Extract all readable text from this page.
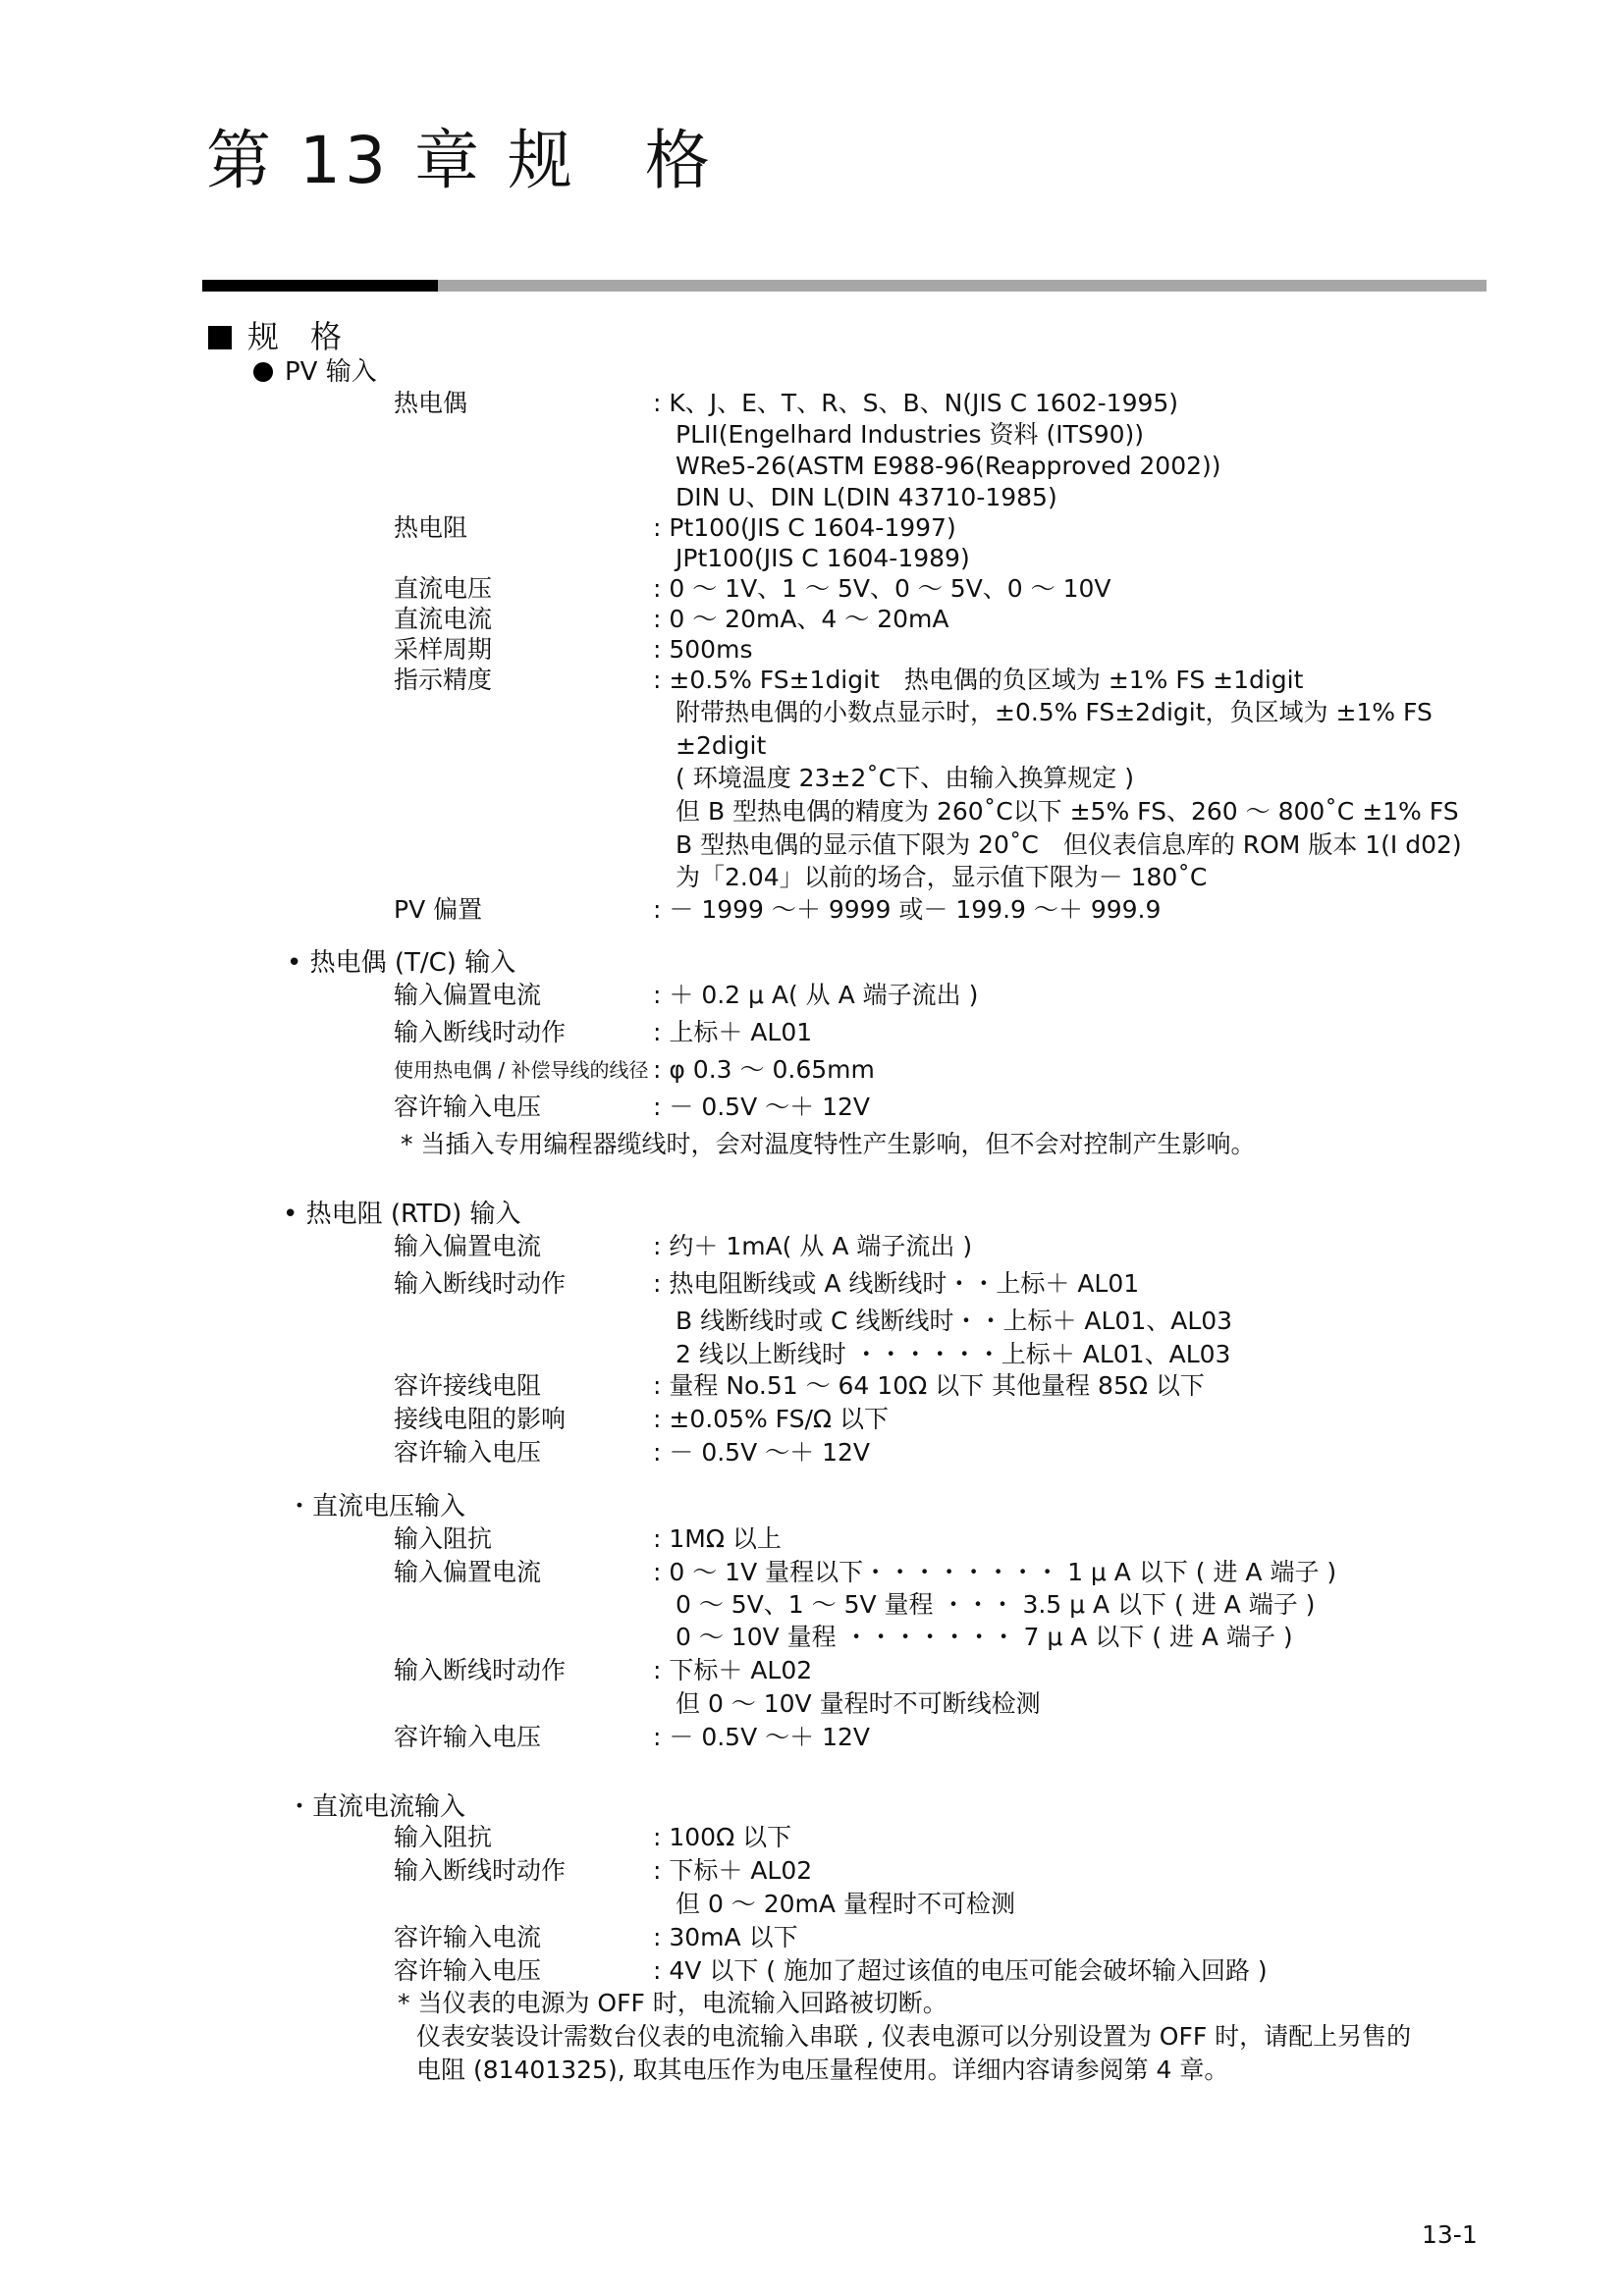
第 13 章 规　格
规　格
PV 输入
热电偶	: K、J、E、T、R、S、B、N(JIS C 1602-1995)
PLII(Engelhard Industries 资料 (ITS90))
WRe5-26(ASTM E988-96(Reapproved 2002))
DIN U、DIN L(DIN 43710-1985)
热电阻	: Pt100(JIS C 1604-1997)
JPt100(JIS C 1604-1989)
直流电压	: 0 ～ 1V、1 ～ 5V、0 ～ 5V、0 ～ 10V
直流电流	: 0 ～ 20mA、4 ～ 20mA
采样周期	: 500ms
指示精度	: ±0.5% FS±1digit　热电偶的负区域为 ±1% FS ±1digit
附带热电偶的小数点显示时，±0.5% FS±2digit，负区域为 ±1% FS
±2digit
( 环境温度 23±2˚C下、由输入换算规定 )
但 B 型热电偶的精度为 260˚C以下 ±5% FS、260 ～ 800˚C ±1% FS
B 型热电偶的显示值下限为 20˚C　但仪表信息库的 ROM 版本 1(I d02)
为「2.04」以前的场合，显示值下限为－ 180˚C
PV 偏置	: － 1999 ～＋ 9999 或－ 199.9 ～＋ 999.9
• 热电偶 (T/C) 输入
输入偏置电流	: ＋ 0.2 μ A( 从 A 端子流出 )
输入断线时动作	: 上标＋ AL01
使用热电偶 / 补偿导线的线径 : φ 0.3 ～ 0.65mm
容许输入电压	: － 0.5V ～＋ 12V
* 当插入专用编程器缆线时，会对温度特性产生影响，但不会对控制产生影响。
• 热电阻 (RTD) 输入
输入偏置电流	: 约＋ 1mA( 从 A 端子流出 )
输入断线时动作	: 热电阻断线或 A 线断线时・・上标＋ AL01
B 线断线时或 C 线断线时・・上标＋ AL01、AL03
2 线以上断线时 ・・・・・・上标＋ AL01、AL03
容许接线电阻	: 量程 No.51 ～ 64 10Ω 以下 其他量程 85Ω 以下
接线电阻的影响	: ±0.05% FS/Ω 以下
容许输入电压	: － 0.5V ～＋ 12V
・直流电压输入
输入阻抗	: 1MΩ 以上
输入偏置电流	: 0 ～ 1V 量程以下・・・・・・・・ 1 μ A 以下 ( 进 A 端子 )
0 ～ 5V、1 ～ 5V 量程 ・・・ 3.5 μ A 以下 ( 进 A 端子 )
0 ～ 10V 量程 ・・・・・・・ 7 μ A 以下 ( 进 A 端子 )
输入断线时动作	: 下标＋ AL02
但 0 ～ 10V 量程时不可断线检测
容许输入电压	: － 0.5V ～＋ 12V
・直流电流输入
输入阻抗	: 100Ω 以下
输入断线时动作	: 下标＋ AL02
但 0 ～ 20mA 量程时不可检测
容许输入电流	: 30mA 以下
容许输入电压	: 4V 以下 ( 施加了超过该值的电压可能会破坏输入回路 )
* 当仪表的电源为 OFF 时，电流输入回路被切断。
仪表安装设计需数台仪表的电流输入串联 , 仪表电源可以分别设置为 OFF 时，请配上另售的
电阻 (81401325), 取其电压作为电压量程使用。详细内容请参阅第 4 章。
13-1
